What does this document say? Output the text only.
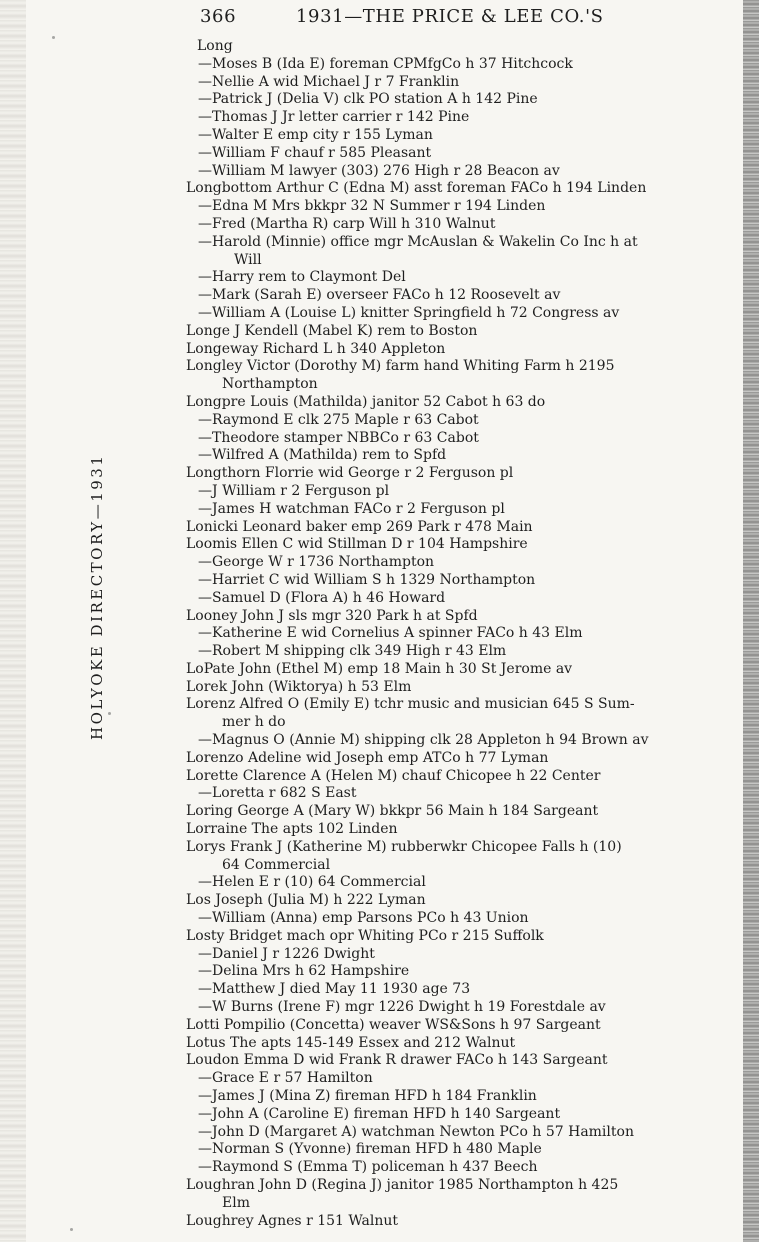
366	1931—THE PRICE & LEE CO.'S
HOLYOKE DIRECTORY—1931
Long
—Moses B (Ida E) foreman CPMfgCo h 37 Hitchcock
—Nellie A wid Michael J r 7 Franklin
—Patrick J (Delia V) clk PO station A h 142 Pine
—Thomas J Jr letter carrier r 142 Pine
—Walter E emp city r 155 Lyman
—William F chauf r 585 Pleasant
—William M lawyer (303) 276 High r 28 Beacon av
Longbottom Arthur C (Edna M) asst foreman FACo h 194 Linden
—Edna M Mrs bkkpr 32 N Summer r 194 Linden
—Fred (Martha R) carp Will h 310 Walnut
—Harold (Minnie) office mgr McAuslan & Wakelin Co Inc h at
Will
—Harry rem to Claymont Del
—Mark (Sarah E) overseer FACo h 12 Roosevelt av
—William A (Louise L) knitter Springfield h 72 Congress av
Longe J Kendell (Mabel K) rem to Boston
Longeway Richard L h 340 Appleton
Longley Victor (Dorothy M) farm hand Whiting Farm h 2195
Northampton
Longpre Louis (Mathilda) janitor 52 Cabot h 63 do
—Raymond E clk 275 Maple r 63 Cabot
—Theodore stamper NBBCo r 63 Cabot
—Wilfred A (Mathilda) rem to Spfd
Longthorn Florrie wid George r 2 Ferguson pl
—J William r 2 Ferguson pl
—James H watchman FACo r 2 Ferguson pl
Lonicki Leonard baker emp 269 Park r 478 Main
Loomis Ellen C wid Stillman D r 104 Hampshire
—George W r 1736 Northampton
—Harriet C wid William S h 1329 Northampton
—Samuel D (Flora A) h 46 Howard
Looney John J sls mgr 320 Park h at Spfd
—Katherine E wid Cornelius A spinner FACo h 43 Elm
—Robert M shipping clk 349 High r 43 Elm
LoPate John (Ethel M) emp 18 Main h 30 St Jerome av
Lorek John (Wiktorya) h 53 Elm
Lorenz Alfred O (Emily E) tchr music and musician 645 S Sum-
mer h do
—Magnus O (Annie M) shipping clk 28 Appleton h 94 Brown av
Lorenzo Adeline wid Joseph emp ATCo h 77 Lyman
Lorette Clarence A (Helen M) chauf Chicopee h 22 Center
—Loretta r 682 S East
Loring George A (Mary W) bkkpr 56 Main h 184 Sargeant
Lorraine The apts 102 Linden
Lorys Frank J (Katherine M) rubberwkr Chicopee Falls h (10)
64 Commercial
—Helen E r (10) 64 Commercial
Los Joseph (Julia M) h 222 Lyman
—William (Anna) emp Parsons PCo h 43 Union
Losty Bridget mach opr Whiting PCo r 215 Suffolk
—Daniel J r 1226 Dwight
—Delina Mrs h 62 Hampshire
—Matthew J died May 11 1930 age 73
—W Burns (Irene F) mgr 1226 Dwight h 19 Forestdale av
Lotti Pompilio (Concetta) weaver WS&Sons h 97 Sargeant
Lotus The apts 145-149 Essex and 212 Walnut
Loudon Emma D wid Frank R drawer FACo h 143 Sargeant
—Grace E r 57 Hamilton
—James J (Mina Z) fireman HFD h 184 Franklin
—John A (Caroline E) fireman HFD h 140 Sargeant
—John D (Margaret A) watchman Newton PCo h 57 Hamilton
—Norman S (Yvonne) fireman HFD h 480 Maple
—Raymond S (Emma T) policeman h 437 Beech
Loughran John D (Regina J) janitor 1985 Northampton h 425
Elm
Loughrey Agnes r 151 Walnut
